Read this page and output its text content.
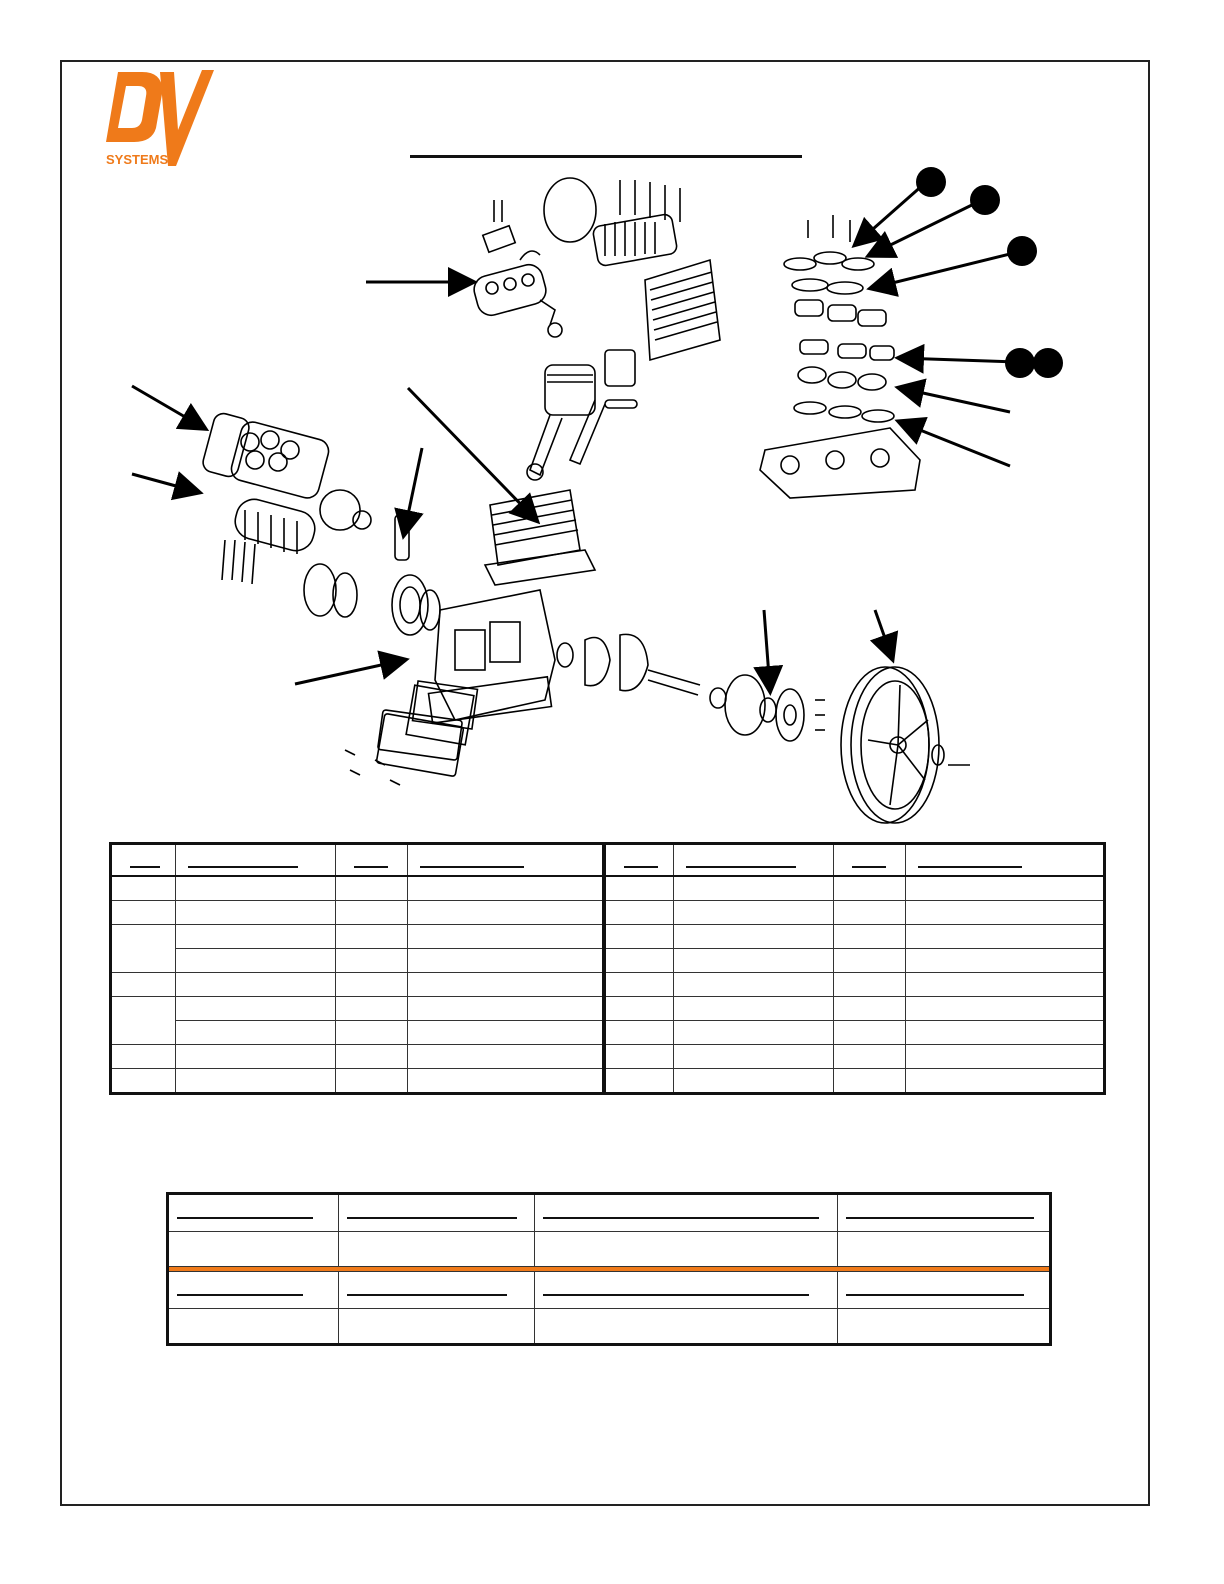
SYSTEMS
